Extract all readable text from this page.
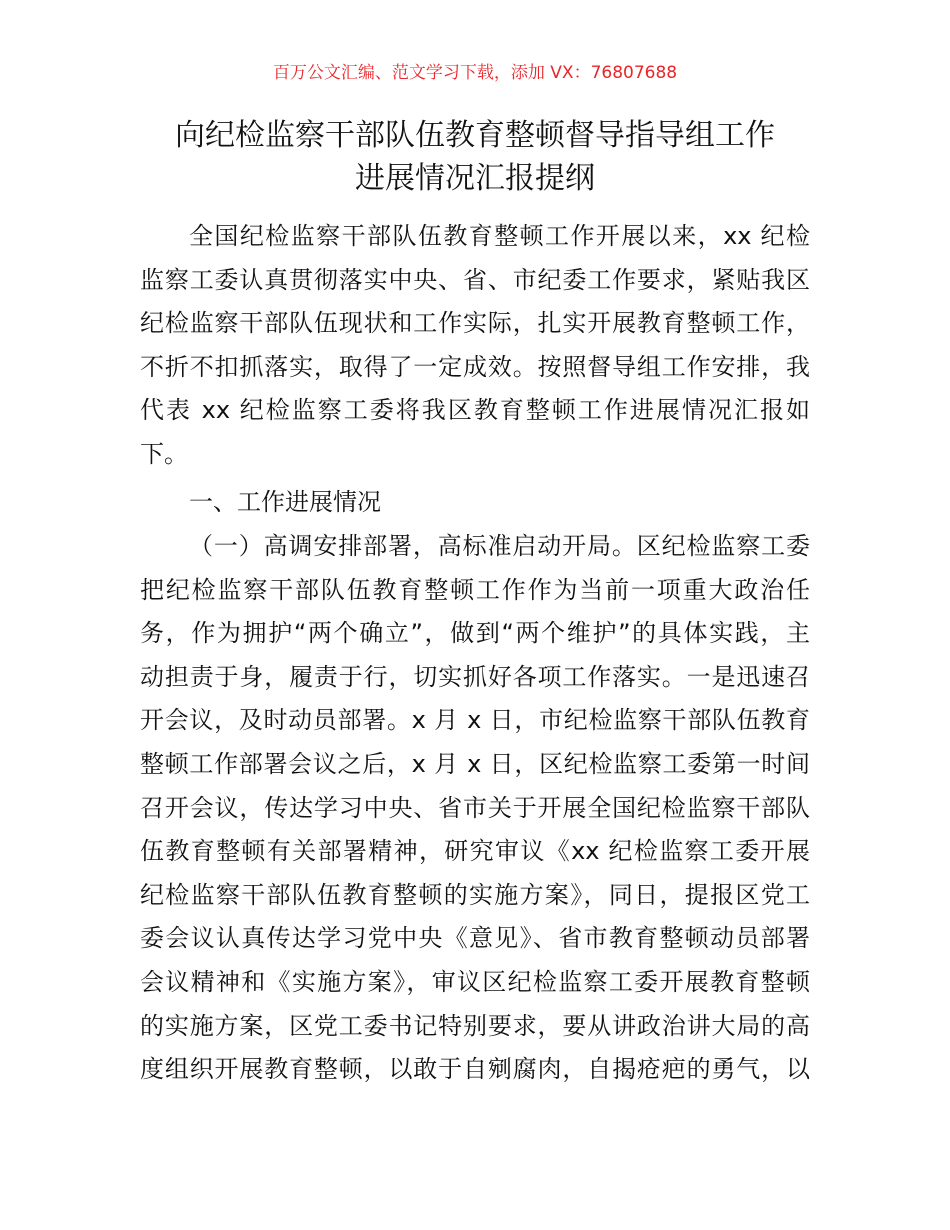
百万公文汇编、范文学习下载，添加 VX：76807688
向纪检监察干部队伍教育整顿督导指导组工作
进展情况汇报提纲
全国纪检监察干部队伍教育整顿工作开展以来，xx 纪检
监察工委认真贯彻落实中央、省、市纪委工作要求，紧贴我区
纪检监察干部队伍现状和工作实际，扎实开展教育整顿工作，
不折不扣抓落实，取得了一定成效。按照督导组工作安排，我
代表 xx 纪检监察工委将我区教育整顿工作进展情况汇报如
下。
一、工作进展情况
（一）高调安排部署，高标准启动开局。区纪检监察工委
把纪检监察干部队伍教育整顿工作作为当前一项重大政治任
务，作为拥护“两个确立”，做到“两个维护”的具体实践，主
动担责于身，履责于行，切实抓好各项工作落实。一是迅速召
开会议，及时动员部署。x 月 x 日，市纪检监察干部队伍教育
整顿工作部署会议之后，x 月 x 日，区纪检监察工委第一时间
召开会议，传达学习中央、省市关于开展全国纪检监察干部队
伍教育整顿有关部署精神，研究审议《xx 纪检监察工委开展
纪检监察干部队伍教育整顿的实施方案》，同日，提报区党工
委会议认真传达学习党中央《意见》、省市教育整顿动员部署
会议精神和《实施方案》，审议区纪检监察工委开展教育整顿
的实施方案，区党工委书记特别要求，要从讲政治讲大局的高
度组织开展教育整顿，以敢于自剜腐肉，自揭疮疤的勇气，以
